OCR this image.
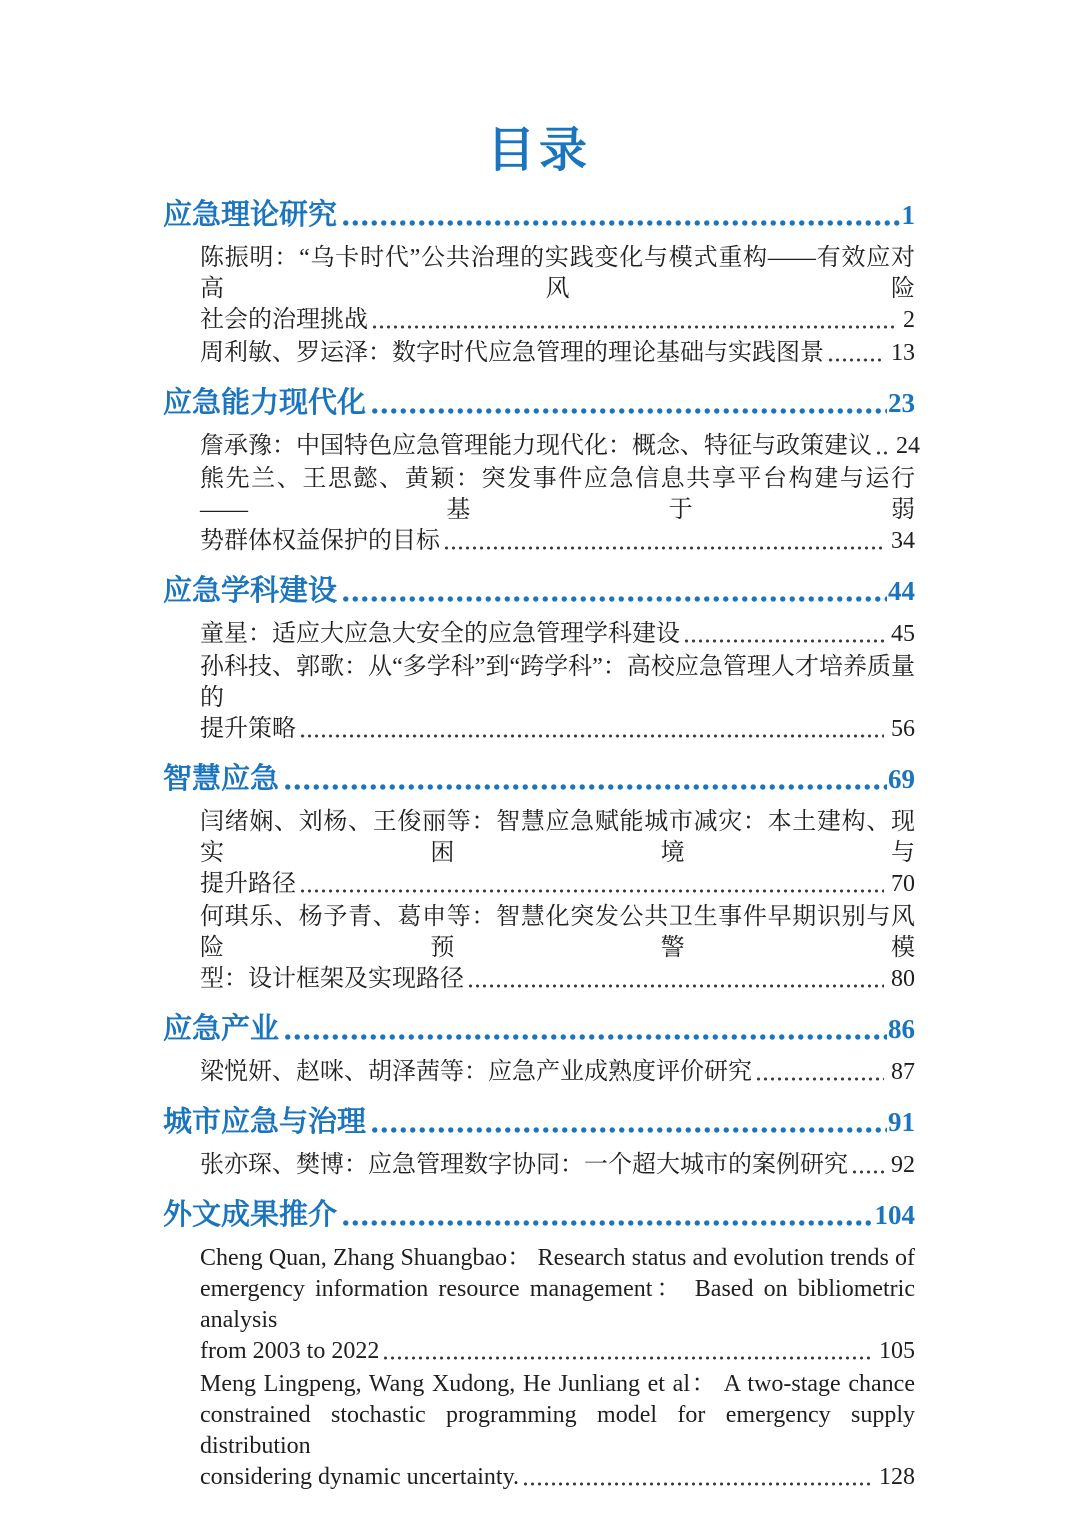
目录
应急理论研究	1
陈振明：“乌卡时代”公共治理的实践变化与模式重构——有效应对高风险
社会的治理挑战	2
周利敏、罗运泽：数字时代应急管理的理论基础与实践图景	13
应急能力现代化	23
詹承豫：中国特色应急管理能力现代化：概念、特征与政策建议 24
熊先兰、王思懿、黄颖：突发事件应急信息共享平台构建与运行——基于弱
势群体权益保护的目标	34
应急学科建设	44
童星：适应大应急大安全的应急管理学科建设	45
孙科技、郭歌：从“多学科”到“跨学科”：高校应急管理人才培养质量的
提升策略	56
智慧应急	69
闫绪娴、刘杨、王俊丽等：智慧应急赋能城市减灾：本土建构、现实困境与
提升路径	70
何琪乐、杨予青、葛申等：智慧化突发公共卫生事件早期识别与风险预警模
型：设计框架及实现路径	80
应急产业	86
梁悦妍、赵咪、胡泽茜等：应急产业成熟度评价研究	87
城市应急与治理	91
张亦琛、樊博：应急管理数字协同：一个超大城市的案例研究 92
外文成果推介	104
Cheng Quan, Zhang Shuangbao： Research status and evolution trends of
emergency information resource management： Based on bibliometric analysis
from 2003 to 2022	105
Meng Lingpeng, Wang Xudong, He Junliang et al： A two-stage chance
constrained stochastic programming model for emergency supply distribution
considering dynamic uncertainty.	128
